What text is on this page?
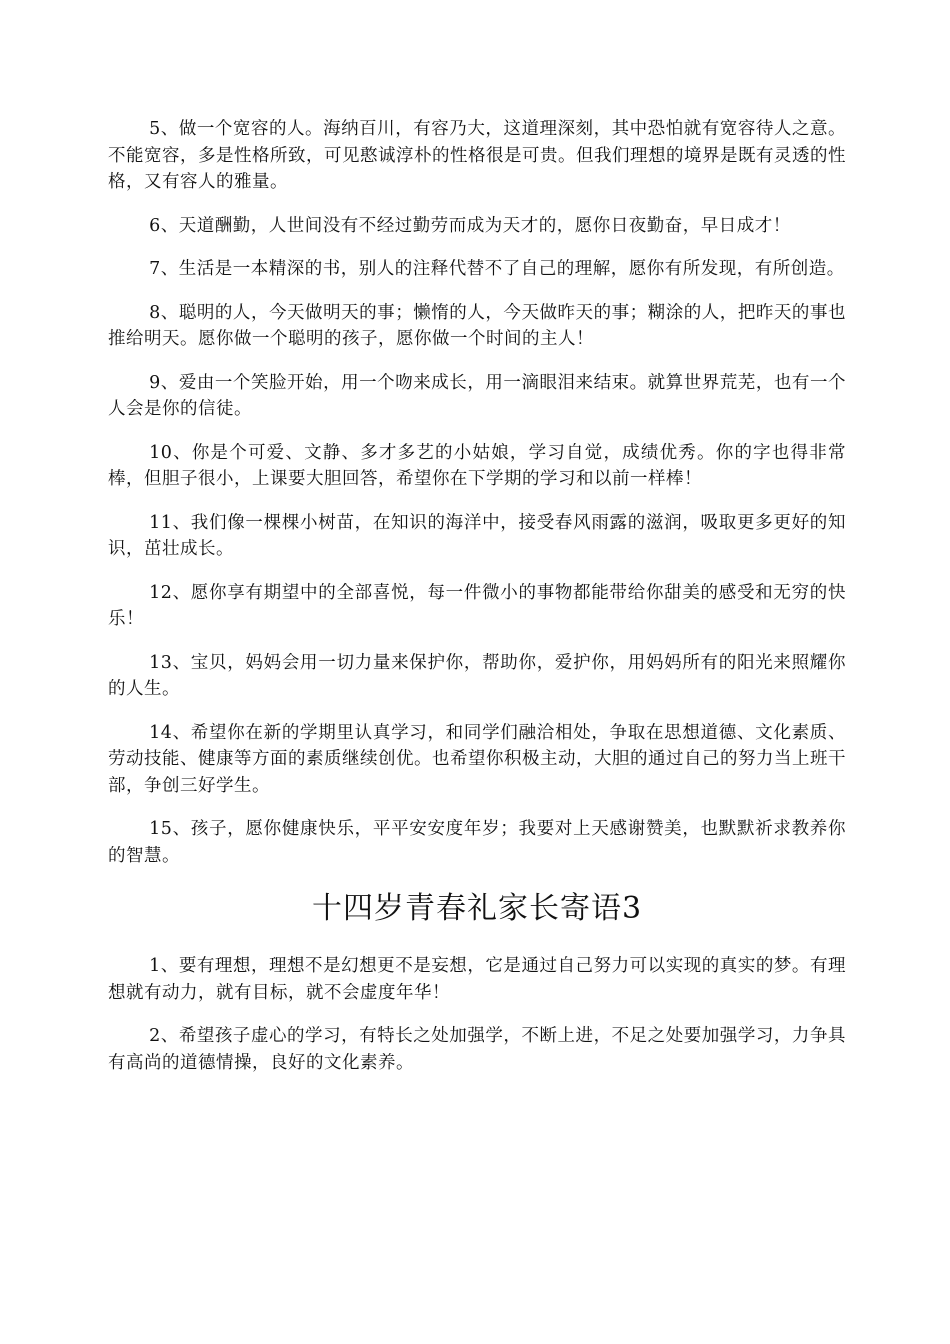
5、做一个宽容的人。海纳百川，有容乃大，这道理深刻，其中恐怕就有宽容待人之意。不能宽容，多是性格所致，可见憨诚淳朴的性格很是可贵。但我们理想的境界是既有灵透的性格，又有容人的雅量。

6、天道酬勤，人世间没有不经过勤劳而成为天才的，愿你日夜勤奋，早日成才！

7、生活是一本精深的书，别人的注释代替不了自己的理解，愿你有所发现，有所创造。

8、聪明的人，今天做明天的事；懒惰的人，今天做昨天的事；糊涂的人，把昨天的事也推给明天。愿你做一个聪明的孩子，愿你做一个时间的主人！

9、爱由一个笑脸开始，用一个吻来成长，用一滴眼泪来结束。就算世界荒芜，也有一个人会是你的信徒。

10、你是个可爱、文静、多才多艺的小姑娘，学习自觉，成绩优秀。你的字也得非常棒，但胆子很小，上课要大胆回答，希望你在下学期的学习和以前一样棒！

11、我们像一棵棵小树苗，在知识的海洋中，接受春风雨露的滋润，吸取更多更好的知识，茁壮成长。

12、愿你享有期望中的全部喜悦，每一件微小的事物都能带给你甜美的感受和无穷的快乐！

13、宝贝，妈妈会用一切力量来保护你，帮助你，爱护你，用妈妈所有的阳光来照耀你的人生。

14、希望你在新的学期里认真学习，和同学们融洽相处，争取在思想道德、文化素质、劳动技能、健康等方面的素质继续创优。也希望你积极主动，大胆的通过自己的努力当上班干部，争创三好学生。

15、孩子，愿你健康快乐，平平安安度年岁；我要对上天感谢赞美，也默默祈求教养你的智慧。

十四岁青春礼家长寄语3

1、要有理想，理想不是幻想更不是妄想，它是通过自己努力可以实现的真实的梦。有理想就有动力，就有目标，就不会虚度年华！

2、希望孩子虚心的学习，有特长之处加强学，不断上进，不足之处要加强学习，力争具有高尚的道德情操，良好的文化素养。
